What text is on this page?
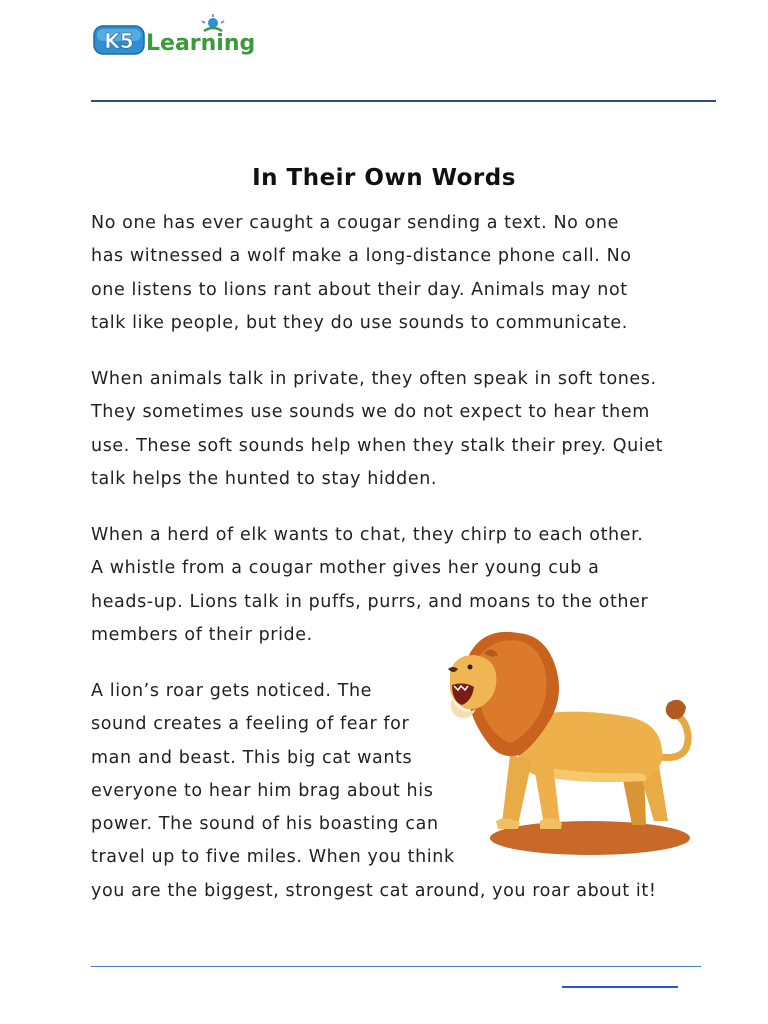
K5 Learning
In Their Own Words

No one has ever caught a cougar sending a text. No one
has witnessed a wolf make a long-distance phone call. No
one listens to lions rant about their day. Animals may not
talk like people, but they do use sounds to communicate.

When animals talk in private, they often speak in soft tones.
They sometimes use sounds we do not expect to hear them
use. These soft sounds help when they stalk their prey. Quiet
talk helps the hunted to stay hidden.

When a herd of elk wants to chat, they chirp to each other.
A whistle from a cougar mother gives her young cub a
heads-up. Lions talk in puffs, purrs, and moans to the other
members of their pride.

A lion’s roar gets noticed. The
sound creates a feeling of fear for
man and beast. This big cat wants
everyone to hear him brag about his
power. The sound of his boasting can
travel up to five miles. When you think
you are the biggest, strongest cat around, you roar about it!
